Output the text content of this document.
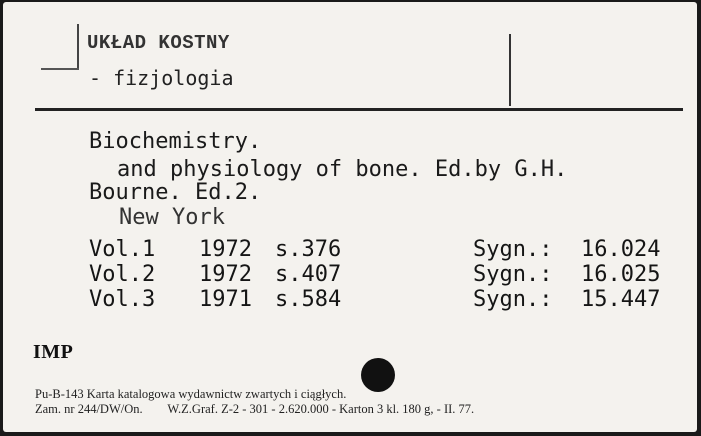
UKŁAD KOSTNY
- fizjologia
Biochemistry.
and physiology of bone. Ed.by G.H.
Bourne. Ed.2.
New York
Vol.1 1972 s.376	Sygn.: 16.024
Vol.2 1972 s.407	Sygn.: 16.025
Vol.3 1971 s.584	Sygn.: 15.447
IMP
Pu-B-143 Karta katalogowa wydawnictw zwartych i ciągłych.
Zam. nr 244/DW/On.        W.Z.Graf. Z-2 - 301 - 2.620.000 - Karton 3 kl. 180 g, - II. 77.
